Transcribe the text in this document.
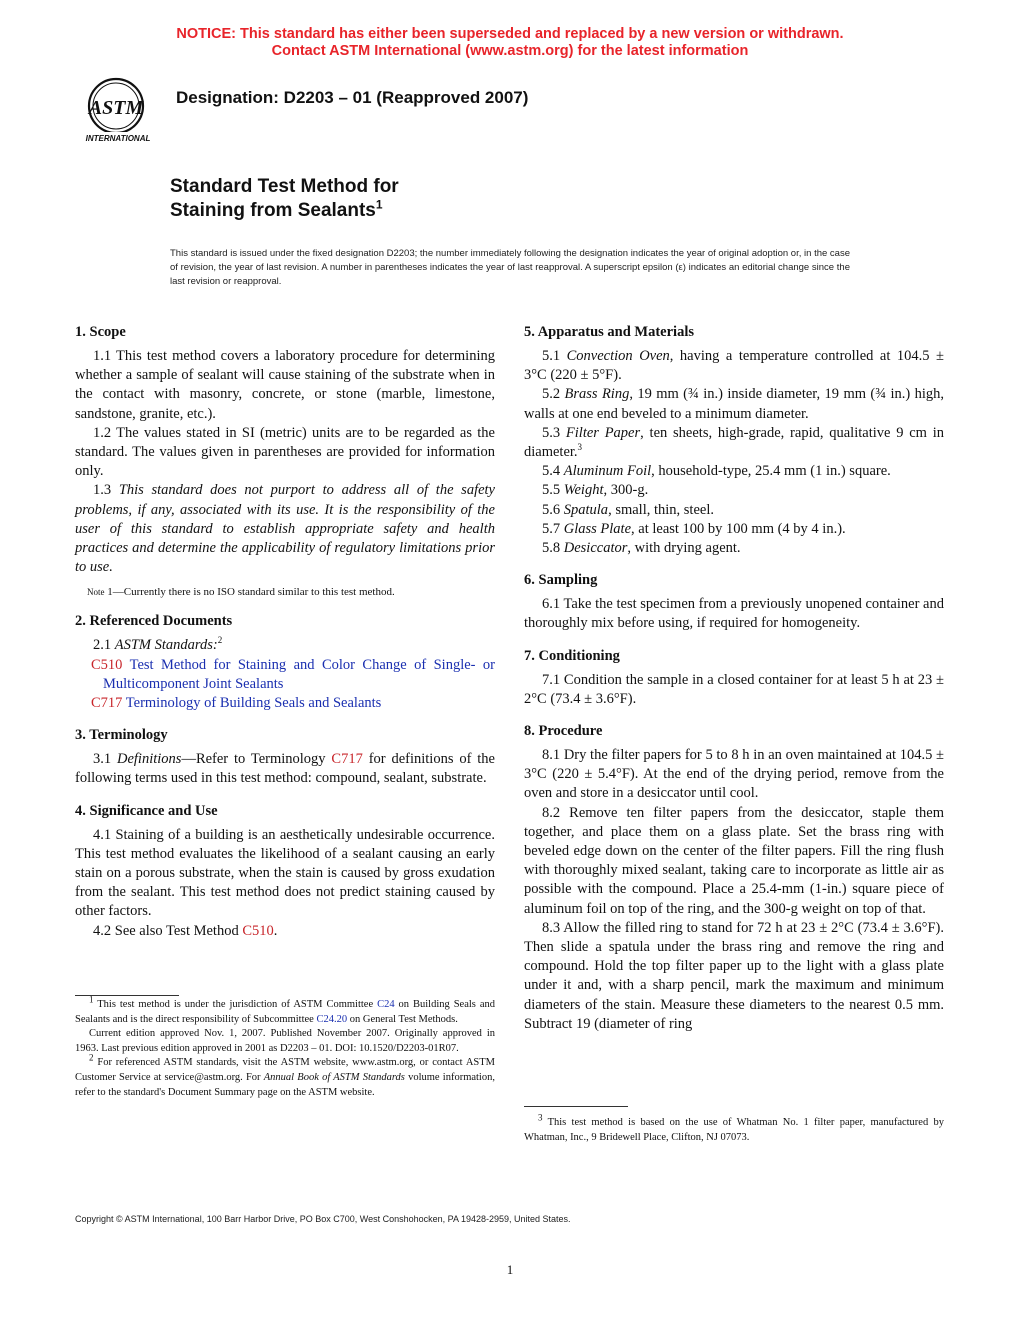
NOTICE: This standard has either been superseded and replaced by a new version or withdrawn.
Contact ASTM International (www.astm.org) for the latest information
ASTM
INTERNATIONAL
Designation: D2203 – 01 (Reapproved 2007)
Standard Test Method for
Staining from Sealants$^1$
This standard is issued under the fixed designation D2203; the number immediately following the designation indicates the year of original adoption or, in the case of revision, the year of last revision. A number in parentheses indicates the year of last reapproval. A superscript epsilon (ε) indicates an editorial change since the last revision or reapproval.
1. Scope

1.1 This test method covers a laboratory procedure for determining whether a sample of sealant will cause staining of the substrate when in the contact with masonry, concrete, or stone (marble, limestone, sandstone, granite, etc.).

1.2 The values stated in SI (metric) units are to be regarded as the standard. The values given in parentheses are provided for information only.

1.3 This standard does not purport to address all of the safety problems, if any, associated with its use. It is the responsibility of the user of this standard to establish appropriate safety and health practices and determine the applicability of regulatory limitations prior to use.

Note 1—Currently there is no ISO standard similar to this test method.

2. Referenced Documents

2.1 ASTM Standards:$^2$

C510 Test Method for Staining and Color Change of Single- or Multicomponent Joint Sealants

C717 Terminology of Building Seals and Sealants

3. Terminology

3.1 Definitions—Refer to Terminology C717 for definitions of the following terms used in this test method: compound, sealant, substrate.

4. Significance and Use

4.1 Staining of a building is an aesthetically undesirable occurrence. This test method evaluates the likelihood of a sealant causing an early stain on a porous substrate, when the stain is caused by gross exudation from the sealant. This test method does not predict staining caused by other factors.

4.2 See also Test Method C510.

$^1$ This test method is under the jurisdiction of ASTM Committee C24 on Building Seals and Sealants and is the direct responsibility of Subcommittee C24.20 on General Test Methods.

Current edition approved Nov. 1, 2007. Published November 2007. Originally approved in 1963. Last previous edition approved in 2001 as D2203 – 01. DOI: 10.1520/D2203-01R07.

$^2$ For referenced ASTM standards, visit the ASTM website, www.astm.org, or contact ASTM Customer Service at service@astm.org. For Annual Book of ASTM Standards volume information, refer to the standard's Document Summary page on the ASTM website.

5. Apparatus and Materials

5.1 Convection Oven, having a temperature controlled at 104.5 ± 3°C (220 ± 5°F).

5.2 Brass Ring, 19 mm (¾ in.) inside diameter, 19 mm (¾ in.) high, walls at one end beveled to a minimum diameter.

5.3 Filter Paper, ten sheets, high-grade, rapid, qualitative 9 cm in diameter.$^3$

5.4 Aluminum Foil, household-type, 25.4 mm (1 in.) square.

5.5 Weight, 300-g.

5.6 Spatula, small, thin, steel.

5.7 Glass Plate, at least 100 by 100 mm (4 by 4 in.).

5.8 Desiccator, with drying agent.

6. Sampling

6.1 Take the test specimen from a previously unopened container and thoroughly mix before using, if required for homogeneity.

7. Conditioning

7.1 Condition the sample in a closed container for at least 5 h at 23 ± 2°C (73.4 ± 3.6°F).

8. Procedure

8.1 Dry the filter papers for 5 to 8 h in an oven maintained at 104.5 ± 3°C (220 ± 5.4°F). At the end of the drying period, remove from the oven and store in a desiccator until cool.

8.2 Remove ten filter papers from the desiccator, staple them together, and place them on a glass plate. Set the brass ring with beveled edge down on the center of the filter papers. Fill the ring flush with thoroughly mixed sealant, taking care to incorporate as little air as possible with the compound. Place a 25.4-mm (1-in.) square piece of aluminum foil on top of the ring, and the 300-g weight on top of that.

8.3 Allow the filled ring to stand for 72 h at 23 ± 2°C (73.4 ± 3.6°F). Then slide a spatula under the brass ring and remove the ring and compound. Hold the top filter paper up to the light with a glass plate under it and, with a sharp pencil, mark the maximum and minimum diameters of the stain. Measure these diameters to the nearest 0.5 mm. Subtract 19 (diameter of ring

$^3$ This test method is based on the use of Whatman No. 1 filter paper, manufactured by Whatman, Inc., 9 Bridewell Place, Clifton, NJ 07073.

Copyright © ASTM International, 100 Barr Harbor Drive, PO Box C700, West Conshohocken, PA 19428-2959, United States.
1
